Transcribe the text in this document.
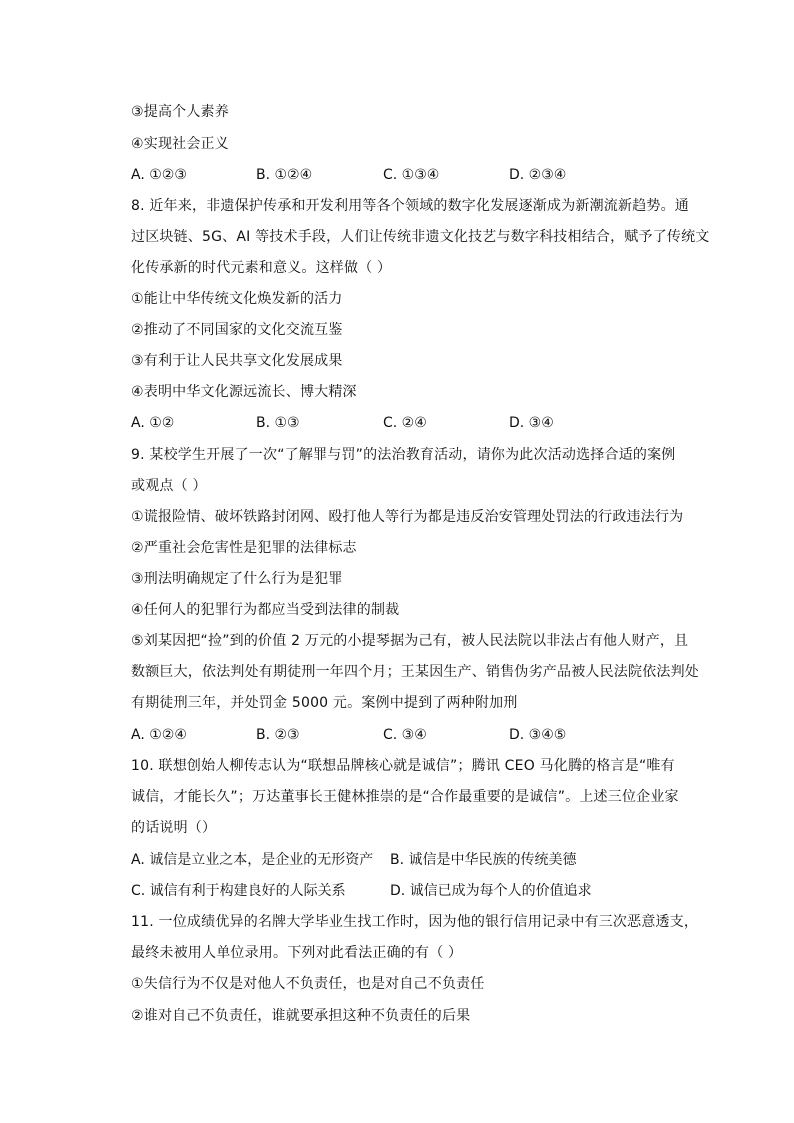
③提高个人素养
④实现社会正义
A. ①②③	B. ①②④	C. ①③④	D. ②③④
8. 近年来，非遗保护传承和开发利用等各个领域的数字化发展逐渐成为新潮流新趋势。通
过区块链、5G、AI 等技术手段，人们让传统非遗文化技艺与数字科技相结合，赋予了传统文
化传承新的时代元素和意义。这样做（ ）
①能让中华传统文化焕发新的活力
②推动了不同国家的文化交流互鉴
③有利于让人民共享文化发展成果
④表明中华文化源远流长、博大精深
A. ①②	B. ①③	C. ②④	D. ③④
9. 某校学生开展了一次“了解罪与罚”的法治教育活动，请你为此次活动选择合适的案例
或观点（ ）
①谎报险情、破坏铁路封闭网、殴打他人等行为都是违反治安管理处罚法的行政违法行为
②严重社会危害性是犯罪的法律标志
③刑法明确规定了什么行为是犯罪
④任何人的犯罪行为都应当受到法律的制裁
⑤刘某因把“捡”到的价值 2 万元的小提琴据为己有，被人民法院以非法占有他人财产，且
数额巨大，依法判处有期徒刑一年四个月；王某因生产、销售伪劣产品被人民法院依法判处
有期徒刑三年，并处罚金 5000 元。案例中提到了两种附加刑
A. ①②④	B. ②③	C. ③④	D. ③④⑤
10. 联想创始人柳传志认为“联想品牌核心就是诚信”；腾讯 CEO 马化腾的格言是“唯有
诚信，才能长久”；万达董事长王健林推崇的是“合作最重要的是诚信”。上述三位企业家
的话说明（）
A. 诚信是立业之本，是企业的无形资产 B. 诚信是中华民族的传统美德
C. 诚信有利于构建良好的人际关系	D. 诚信已成为每个人的价值追求
11. 一位成绩优异的名牌大学毕业生找工作时，因为他的银行信用记录中有三次恶意透支，
最终未被用人单位录用。下列对此看法正确的有（ ）
①失信行为不仅是对他人不负责任，也是对自己不负责任
②谁对自己不负责任，谁就要承担这种不负责任的后果
